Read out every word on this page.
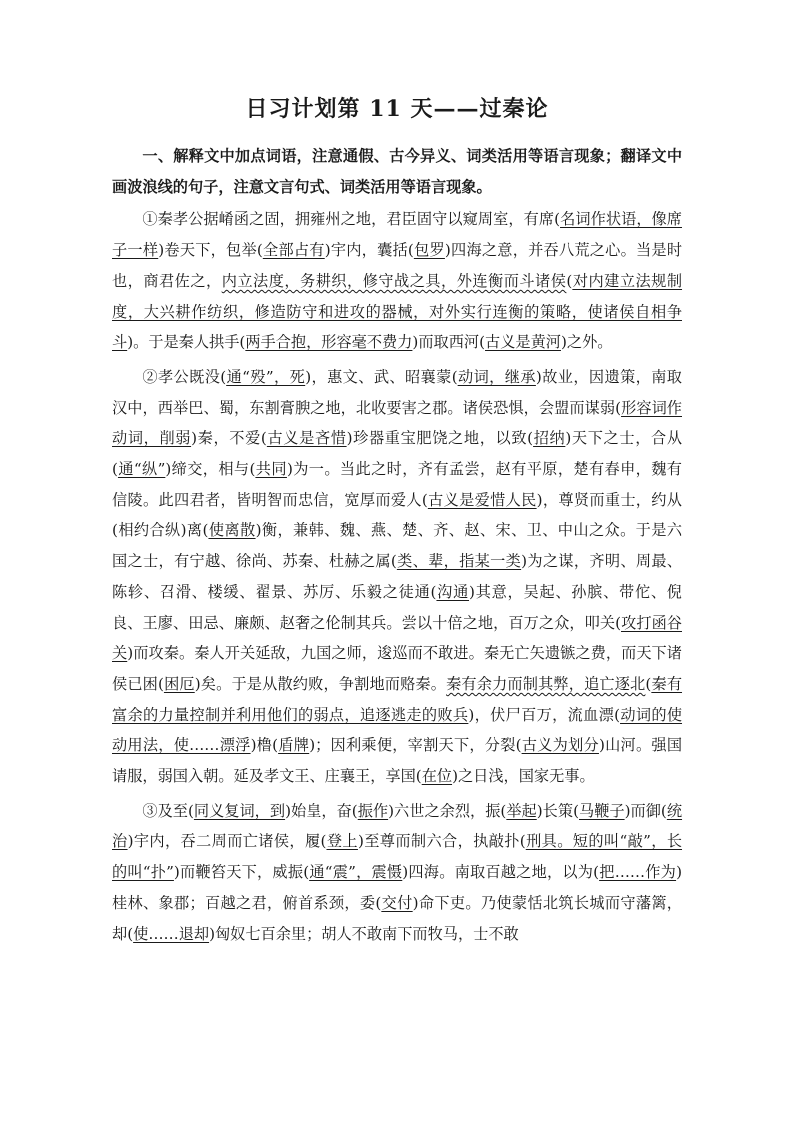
日习计划第 11 天——过秦论

一、解释文中加点词语，注意通假、古今异义、词类活用等语言现象；翻译文中画波浪线的句子，注意文言句式、词类活用等语言现象。

①秦孝公据崤函之固，拥雍州之地，君臣固守以窥周室，有席(名词作状语，像席子一样)卷天下，包举(全部占有)宇内，囊括(包罗)四海之意，并吞八荒之心。当是时也，商君佐之，内立法度，务耕织，修守战之具，外连衡而斗诸侯(对内建立法规制度，大兴耕作纺织，修造防守和进攻的器械，对外实行连衡的策略，使诸侯自相争斗)。于是秦人拱手(两手合抱，形容毫不费力)而取西河(古义是黄河)之外。

②孝公既没(通“殁”，死)，惠文、武、昭襄蒙(动词，继承)故业，因遗策，南取汉中，西举巴、蜀，东割膏腴之地，北收要害之郡。诸侯恐惧，会盟而谋弱(形容词作动词，削弱)秦，不爱(古义是吝惜)珍器重宝肥饶之地，以致(招纳)天下之士，合从(通“纵”)缔交，相与(共同)为一。当此之时，齐有孟尝，赵有平原，楚有春申，魏有信陵。此四君者，皆明智而忠信，宽厚而爱人(古义是爱惜人民)，尊贤而重士，约从(相约合纵)离(使离散)衡，兼韩、魏、燕、楚、齐、赵、宋、卫、中山之众。于是六国之士，有宁越、徐尚、苏秦、杜赫之属(类、辈，指某一类)为之谋，齐明、周最、陈轸、召滑、楼缓、翟景、苏厉、乐毅之徒通(沟通)其意，吴起、孙膑、带佗、倪良、王廖、田忌、廉颇、赵奢之伦制其兵。尝以十倍之地，百万之众，叩关(攻打函谷关)而攻秦。秦人开关延敌，九国之师，逡巡而不敢进。秦无亡矢遗镞之费，而天下诸侯已困(困厄)矣。于是从散约败，争割地而赂秦。秦有余力而制其弊，追亡逐北(秦有富余的力量控制并利用他们的弱点，追逐逃走的败兵)，伏尸百万，流血漂(动词的使动用法，使……漂浮)橹(盾牌)；因利乘便，宰割天下，分裂(古义为划分)山河。强国请服，弱国入朝。延及孝文王、庄襄王，享国(在位)之日浅，国家无事。

③及至(同义复词，到)始皇，奋(振作)六世之余烈，振(举起)长策(马鞭子)而御(统治)宇内，吞二周而亡诸侯，履(登上)至尊而制六合，执敲扑(刑具。短的叫“敲”，长的叫“扑”)而鞭笞天下，威振(通“震”，震慑)四海。南取百越之地，以为(把……作为)桂林、象郡；百越之君，俯首系颈，委(交付)命下吏。乃使蒙恬北筑长城而守藩篱，却(使……退却)匈奴七百余里；胡人不敢南下而牧马，士不敢
